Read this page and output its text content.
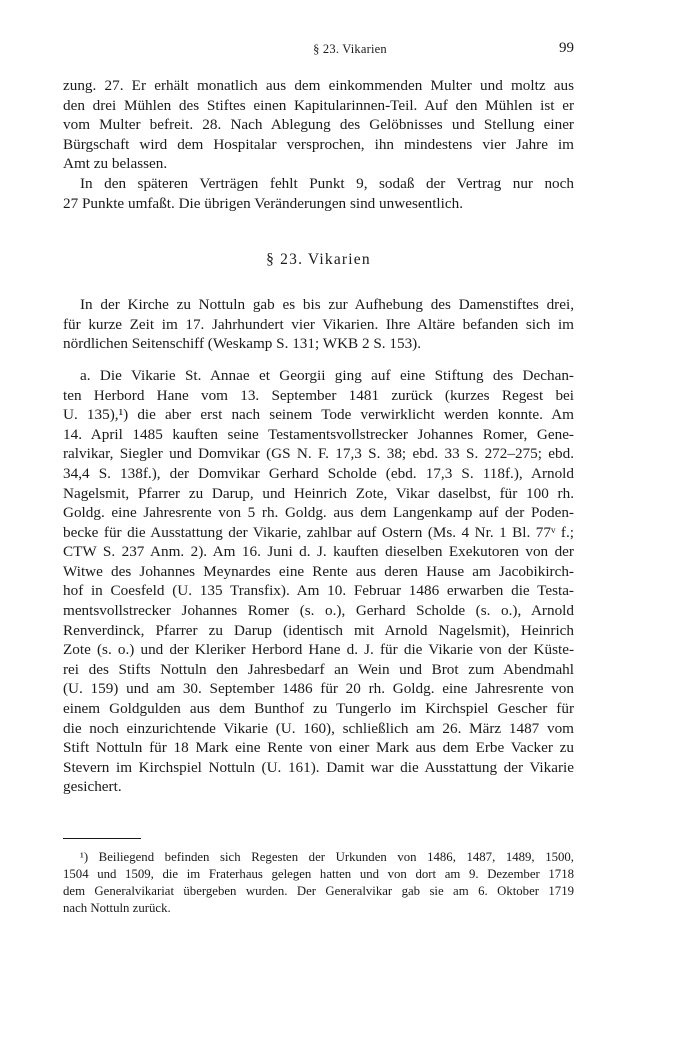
§ 23. Vikarien	99
zung. 27. Er erhält monatlich aus dem einkommenden Multer und moltz aus
den drei Mühlen des Stiftes einen Kapitularinnen-Teil. Auf den Mühlen ist er
vom Multer befreit. 28. Nach Ablegung des Gelöbnisses und Stellung einer
Bürgschaft wird dem Hospitalar versprochen, ihn mindestens vier Jahre im
Amt zu belassen.
In den späteren Verträgen fehlt Punkt 9, sodaß der Vertrag nur noch
27 Punkte umfaßt. Die übrigen Veränderungen sind unwesentlich.
§ 23. Vikarien
In der Kirche zu Nottuln gab es bis zur Aufhebung des Damenstiftes drei,
für kurze Zeit im 17. Jahrhundert vier Vikarien. Ihre Altäre befanden sich im
nördlichen Seitenschiff (Weskamp S. 131; WKB 2 S. 153).
a. Die Vikarie St. Annae et Georgii ging auf eine Stiftung des Dechan-
ten Herbord Hane vom 13. September 1481 zurück (kurzes Regest bei
U. 135),¹) die aber erst nach seinem Tode verwirklicht werden konnte. Am
14. April 1485 kauften seine Testamentsvollstrecker Johannes Romer, Gene-
ralvikar, Siegler und Domvikar (GS N. F. 17,3 S. 38; ebd. 33 S. 272–275; ebd.
34,4 S. 138f.), der Domvikar Gerhard Scholde (ebd. 17,3 S. 118f.), Arnold
Nagelsmit, Pfarrer zu Darup, und Heinrich Zote, Vikar daselbst, für 100 rh.
Goldg. eine Jahresrente von 5 rh. Goldg. aus dem Langenkamp auf der Poden-
becke für die Ausstattung der Vikarie, zahlbar auf Ostern (Ms. 4 Nr. 1 Bl. 77ᵛ f.;
CTW S. 237 Anm. 2). Am 16. Juni d. J. kauften dieselben Exekutoren von der
Witwe des Johannes Meynardes eine Rente aus deren Hause am Jacobikirch-
hof in Coesfeld (U. 135 Transfix). Am 10. Februar 1486 erwarben die Testa-
mentsvollstrecker Johannes Romer (s. o.), Gerhard Scholde (s. o.), Arnold
Renverdinck, Pfarrer zu Darup (identisch mit Arnold Nagelsmit), Heinrich
Zote (s. o.) und der Kleriker Herbord Hane d. J. für die Vikarie von der Küste-
rei des Stifts Nottuln den Jahresbedarf an Wein und Brot zum Abendmahl
(U. 159) und am 30. September 1486 für 20 rh. Goldg. eine Jahresrente von
einem Goldgulden aus dem Bunthof zu Tungerlo im Kirchspiel Gescher für
die noch einzurichtende Vikarie (U. 160), schließlich am 26. März 1487 vom
Stift Nottuln für 18 Mark eine Rente von einer Mark aus dem Erbe Vacker zu
Stevern im Kirchspiel Nottuln (U. 161). Damit war die Ausstattung der Vikarie
gesichert.
¹) Beiliegend befinden sich Regesten der Urkunden von 1486, 1487, 1489, 1500,
1504 und 1509, die im Fraterhaus gelegen hatten und von dort am 9. Dezember 1718
dem Generalvikariat übergeben wurden. Der Generalvikar gab sie am 6. Oktober 1719
nach Nottuln zurück.
